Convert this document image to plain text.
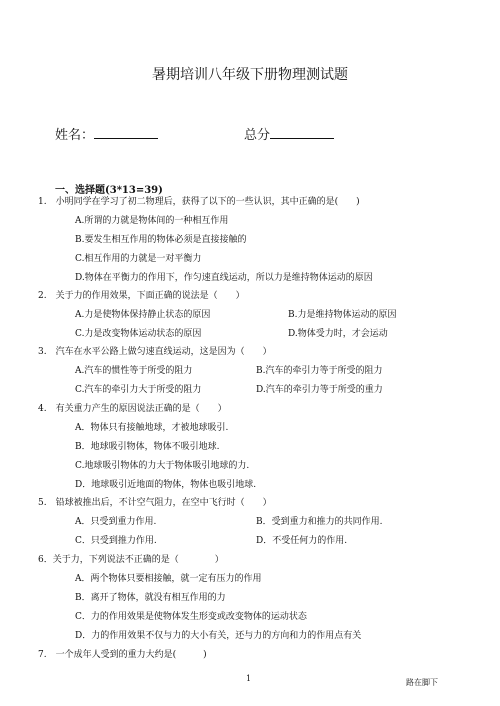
暑期培训八年级下册物理测试题
姓名：	总分
一、选择题(3*13=39)
1.　小明同学在学习了初二物理后，获得了以下的一些认识，其中正确的是(　　)
A.所谓的力就是物体间的一种相互作用
B.要发生相互作用的物体必须是直接接触的
C.相互作用的力就是一对平衡力
D.物体在平衡力的作用下，作匀速直线运动，所以力是维持物体运动的原因
2.　关于力的作用效果，下面正确的说法是（　　）
A.力是使物体保持静止状态的原因	B.力是维持物体运动的原因
C.力是改变物体运动状态的原因	D.物体受力时，才会运动
3.　汽车在水平公路上做匀速直线运动，这是因为（　　）
A.汽车的惯性等于所受的阻力	B.汽车的牵引力等于所受的阻力
C.汽车的牵引力大于所受的阻力	D.汽车的牵引力等于所受的重力
4.　有关重力产生的原因说法正确的是（　　）
A．物体只有接触地球，才被地球吸引.
B．地球吸引物体，物体不吸引地球.
C.地球吸引物体的力大于物体吸引地球的力.
D．地球吸引近地面的物体，物体也吸引地球.
5.　铅球被推出后，不计空气阻力，在空中飞行时（　　）
A．只受到重力作用.	B．受到重力和推力的共同作用.
C．只受到推力作用.	D．不受任何力的作用.
6．关于力，下列说法不正确的是（　　　　）
A．两个物体只要相接触，就一定有压力的作用
B．离开了物体，就没有相互作用的力
C．力的作用效果是使物体发生形变或改变物体的运动状态
D．力的作用效果不仅与力的大小有关，还与力的方向和力的作用点有关
7.　一个成年人受到的重力大约是(　　　)
1	路在脚下
